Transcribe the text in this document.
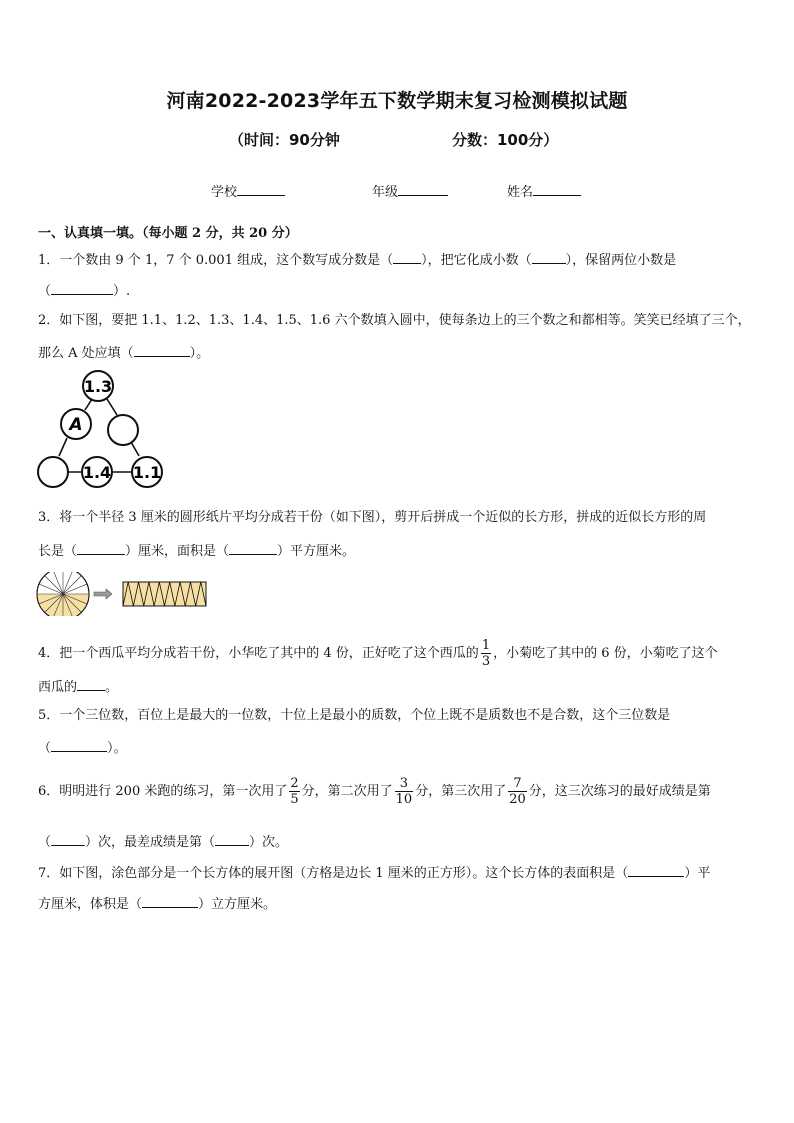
河南2022-2023学年五下数学期末复习检测模拟试题
（时间：90分钟	分数：100分）
学校	年级	姓名
一、认真填一填。（每小题 2 分，共 20 分）
1．一个数由 9 个 1，7 个 0.001 组成，这个数写成分数是（ ），把它化成小数（	），保留两位小数是
（	）.
2．如下图，要把 1.1、1.2、1.3、1.4、1.5、1.6 六个数填入圆中，使每条边上的三个数之和都相等。笑笑已经填了三个，
那么 A 处应填（	）。
1.3
A
1.4 1.1
3．将一个半径 3 厘米的圆形纸片平均分成若干份（如下图），剪开后拼成一个近似的长方形，拼成的近似长方形的周
长是（	）厘米，面积是（	）平方厘米。
4．把一个西瓜平均分成若干份，小华吃了其中的 4 份，正好吃了这个西瓜的 $\frac{1}{3}$ ，小菊吃了其中的 6 份，小菊吃了这个
西瓜的 。
5．一个三位数，百位上是最大的一位数，十位上是最小的质数，个位上既不是质数也不是合数，这个三位数是
（	）。
6．明明进行 200 米跑的练习，第一次用了 $\frac{2}{5}$ 分，第二次用了 $\frac{3}{10}$ 分，第三次用了 $\frac{7}{20}$ 分，这三次练习的最好成绩是第
（	）次，最差成绩是第（	）次。
7．如下图，涂色部分是一个长方体的展开图（方格是边长 1 厘米的正方形）。这个长方体的表面积是（	）平
方厘米，体积是（	）立方厘米。
